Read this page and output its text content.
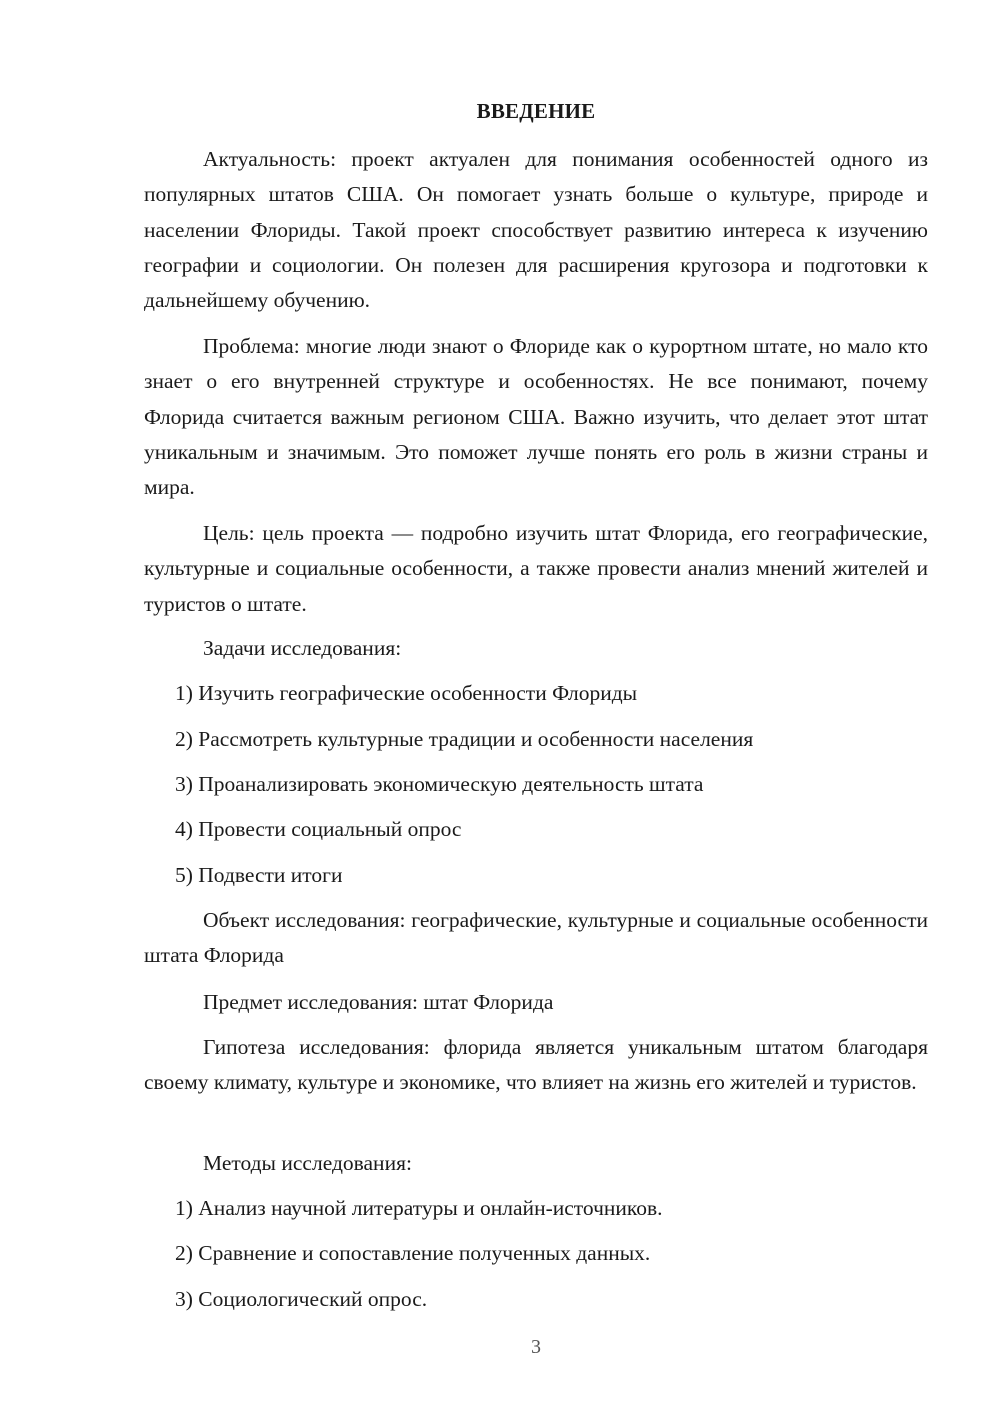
ВВЕДЕНИЕ

Актуальность: проект актуален для понимания особенностей одного из популярных штатов США. Он помогает узнать больше о культуре, природе и населении Флориды. Такой проект способствует развитию интереса к изучению географии и социологии. Он полезен для расширения кругозора и подготовки к дальнейшему обучению.

Проблема: многие люди знают о Флориде как о курортном штате, но мало кто знает о его внутренней структуре и особенностях. Не все понимают, почему Флорида считается важным регионом США. Важно изучить, что делает этот штат уникальным и значимым. Это поможет лучше понять его роль в жизни страны и мира.

Цель: цель проекта — подробно изучить штат Флорида, его географические, культурные и социальные особенности, а также провести анализ мнений жителей и туристов о штате.

Задачи исследования:

1) Изучить географические особенности Флориды

2) Рассмотреть культурные традиции и особенности населения

3) Проанализировать экономическую деятельность штата

4) Провести социальный опрос

5) Подвести итоги

Объект исследования: географические, культурные и социальные особенности штата Флорида

Предмет исследования: штат Флорида

Гипотеза исследования: флорида является уникальным штатом благодаря своему климату, культуре и экономике, что влияет на жизнь его жителей и туристов.

Методы исследования:

1) Анализ научной литературы и онлайн-источников.

2) Сравнение и сопоставление полученных данных.

3) Социологический опрос.

3
